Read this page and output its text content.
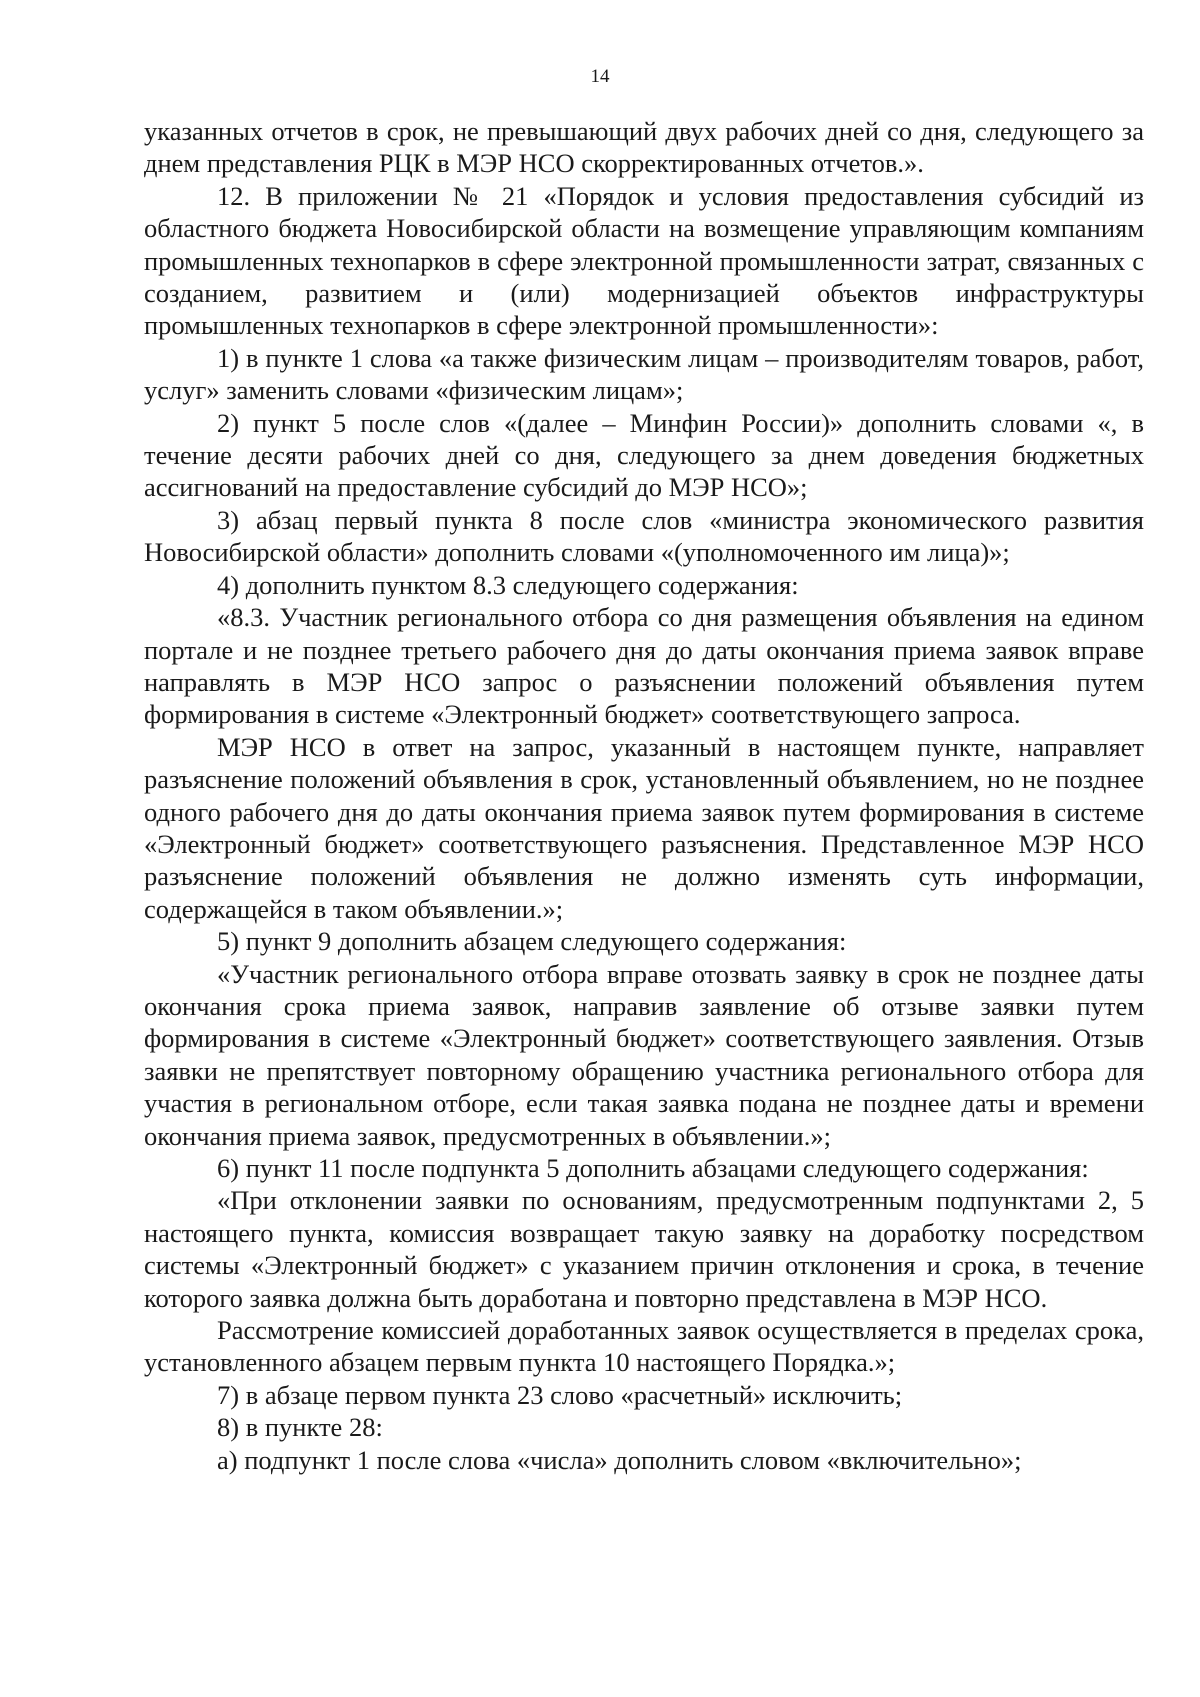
14

указанных отчетов в срок, не превышающий двух рабочих дней со дня, следующего за днем представления РЦК в МЭР НСО скорректированных отчетов.».

12. В приложении № 21 «Порядок и условия предоставления субсидий из областного бюджета Новосибирской области на возмещение управляющим компаниям промышленных технопарков в сфере электронной промышленности затрат, связанных с созданием, развитием и (или) модернизацией объектов инфраструктуры промышленных технопарков в сфере электронной промышленности»:

1) в пункте 1 слова «а также физическим лицам – производителям товаров, работ, услуг» заменить словами «физическим лицам»;

2) пункт 5 после слов «(далее – Минфин России)» дополнить словами «, в течение десяти рабочих дней со дня, следующего за днем доведения бюджетных ассигнований на предоставление субсидий до МЭР НСО»;

3) абзац первый пункта 8 после слов «министра экономического развития Новосибирской области» дополнить словами «(уполномоченного им лица)»;

4) дополнить пунктом 8.3 следующего содержания:

«8.3. Участник регионального отбора со дня размещения объявления на едином портале и не позднее третьего рабочего дня до даты окончания приема заявок вправе направлять в МЭР НСО запрос о разъяснении положений объявления путем формирования в системе «Электронный бюджет» соответствующего запроса.

МЭР НСО в ответ на запрос, указанный в настоящем пункте, направляет разъяснение положений объявления в срок, установленный объявлением, но не позднее одного рабочего дня до даты окончания приема заявок путем формирования в системе «Электронный бюджет» соответствующего разъяснения. Представленное МЭР НСО разъяснение положений объявления не должно изменять суть информации, содержащейся в таком объявлении.»;

5) пункт 9 дополнить абзацем следующего содержания:

«Участник регионального отбора вправе отозвать заявку в срок не позднее даты окончания срока приема заявок, направив заявление об отзыве заявки путем формирования в системе «Электронный бюджет» соответствующего заявления. Отзыв заявки не препятствует повторному обращению участника регионального отбора для участия в региональном отборе, если такая заявка подана не позднее даты и времени окончания приема заявок, предусмотренных в объявлении.»;

6) пункт 11 после подпункта 5 дополнить абзацами следующего содержания:

«При отклонении заявки по основаниям, предусмотренным подпунктами 2, 5 настоящего пункта, комиссия возвращает такую заявку на доработку посредством системы «Электронный бюджет» с указанием причин отклонения и срока, в течение которого заявка должна быть доработана и повторно представлена в МЭР НСО.

Рассмотрение комиссией доработанных заявок осуществляется в пределах срока, установленного абзацем первым пункта 10 настоящего Порядка.»;

7) в абзаце первом пункта 23 слово «расчетный» исключить;

8) в пункте 28:

а) подпункт 1 после слова «числа» дополнить словом «включительно»;
